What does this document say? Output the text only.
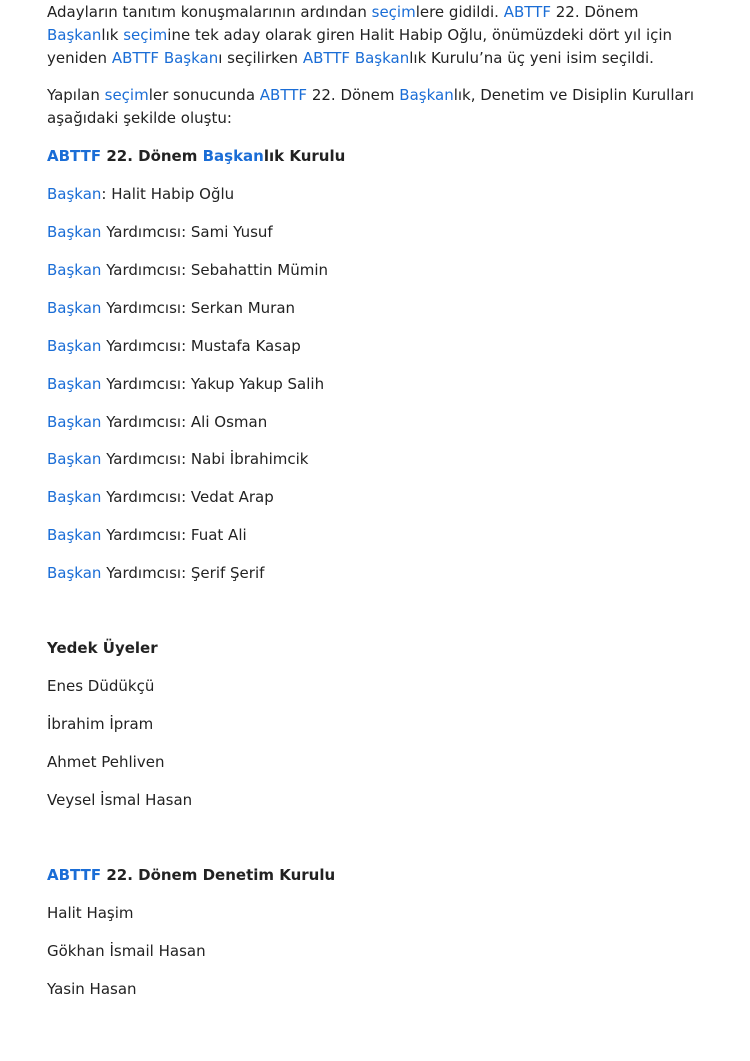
Adayların tanıtım konuşmalarının ardından seçimlere gidildi. ABTTF 22. Dönem Başkanlık seçimine tek aday olarak giren Halit Habip Oğlu, önümüzdeki dört yıl için yeniden ABTTF Başkanı seçilirken ABTTF Başkanlık Kurulu’na üç yeni isim seçildi.

Yapılan seçimler sonucunda ABTTF 22. Dönem Başkanlık, Denetim ve Disiplin Kurulları aşağıdaki şekilde oluştu:

ABTTF 22. Dönem Başkanlık Kurulu

Başkan: Halit Habip Oğlu

Başkan Yardımcısı: Sami Yusuf

Başkan Yardımcısı: Sebahattin Mümin

Başkan Yardımcısı: Serkan Muran

Başkan Yardımcısı: Mustafa Kasap

Başkan Yardımcısı: Yakup Yakup Salih

Başkan Yardımcısı: Ali Osman

Başkan Yardımcısı: Nabi İbrahimcik

Başkan Yardımcısı: Vedat Arap

Başkan Yardımcısı: Fuat Ali

Başkan Yardımcısı: Şerif Şerif

Yedek Üyeler

Enes Düdükçü

İbrahim İpram

Ahmet Pehliven

Veysel İsmal Hasan

ABTTF 22. Dönem Denetim Kurulu

Halit Haşim

Gökhan İsmail Hasan

Yasin Hasan
